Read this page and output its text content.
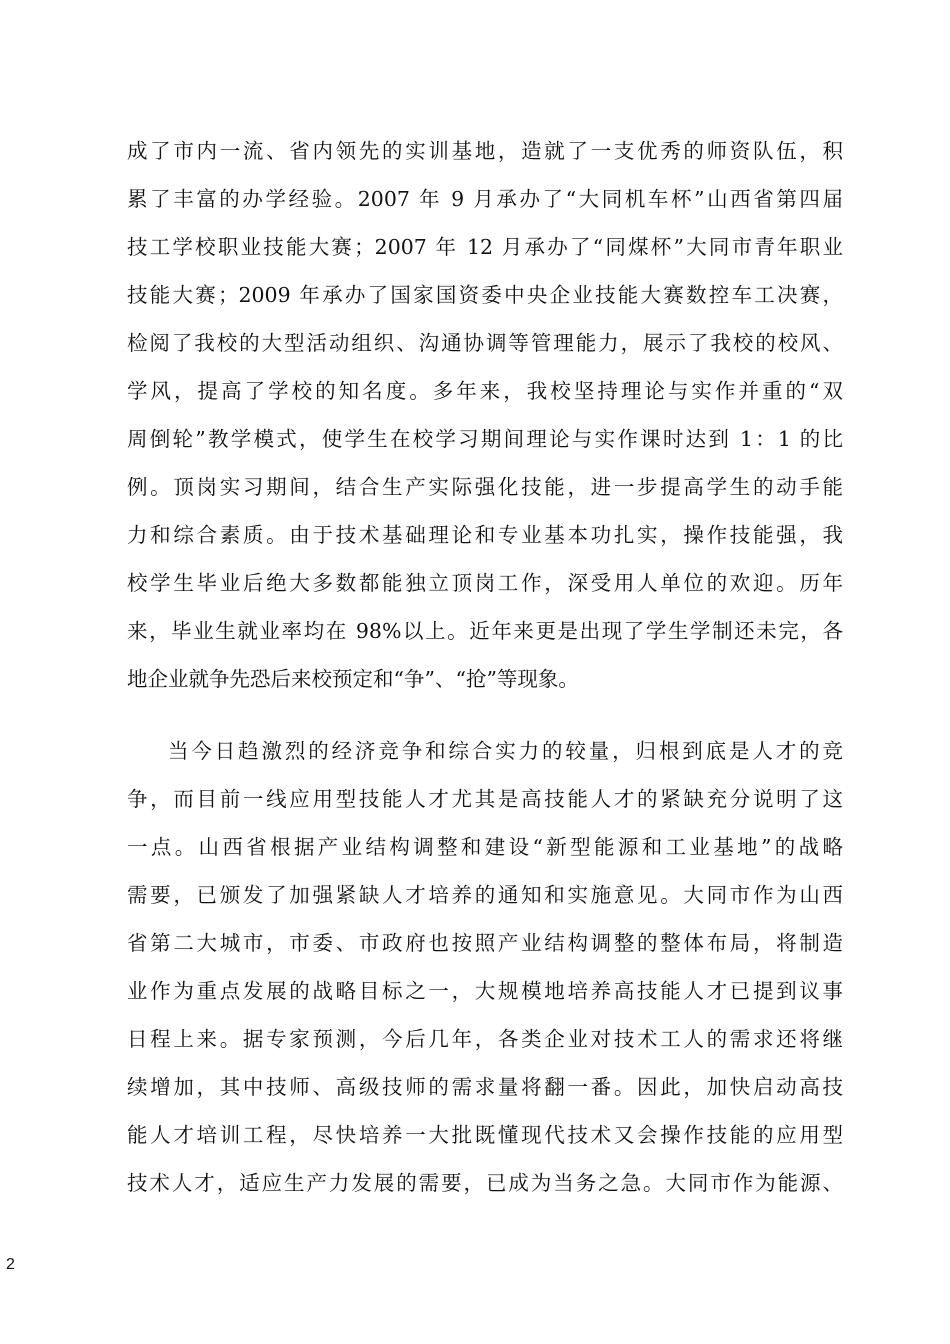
成了市内一流、省内领先的实训基地，造就了一支优秀的师资队伍，积
累了丰富的办学经验。2007 年 9 月承办了“大同机车杯”山西省第四届
技工学校职业技能大赛；2007 年 12 月承办了“同煤杯”大同市青年职业
技能大赛；2009 年承办了国家国资委中央企业技能大赛数控车工决赛，
检阅了我校的大型活动组织、沟通协调等管理能力，展示了我校的校风、
学风，提高了学校的知名度。多年来，我校坚持理论与实作并重的“双
周倒轮”教学模式，使学生在校学习期间理论与实作课时达到 1：1 的比
例。顶岗实习期间，结合生产实际强化技能，进一步提高学生的动手能
力和综合素质。由于技术基础理论和专业基本功扎实，操作技能强，我
校学生毕业后绝大多数都能独立顶岗工作，深受用人单位的欢迎。历年
来，毕业生就业率均在 98%以上。近年来更是出现了学生学制还未完，各
地企业就争先恐后来校预定和“争”、“抢”等现象。
当今日趋激烈的经济竞争和综合实力的较量，归根到底是人才的竞
争，而目前一线应用型技能人才尤其是高技能人才的紧缺充分说明了这
一点。山西省根据产业结构调整和建设“新型能源和工业基地”的战略
需要，已颁发了加强紧缺人才培养的通知和实施意见。大同市作为山西
省第二大城市，市委、市政府也按照产业结构调整的整体布局，将制造
业作为重点发展的战略目标之一，大规模地培养高技能人才已提到议事
日程上来。据专家预测，今后几年，各类企业对技术工人的需求还将继
续增加，其中技师、高级技师的需求量将翻一番。因此，加快启动高技
能人才培训工程，尽快培养一大批既懂现代技术又会操作技能的应用型
技术人才，适应生产力发展的需要，已成为当务之急。大同市作为能源、
2
